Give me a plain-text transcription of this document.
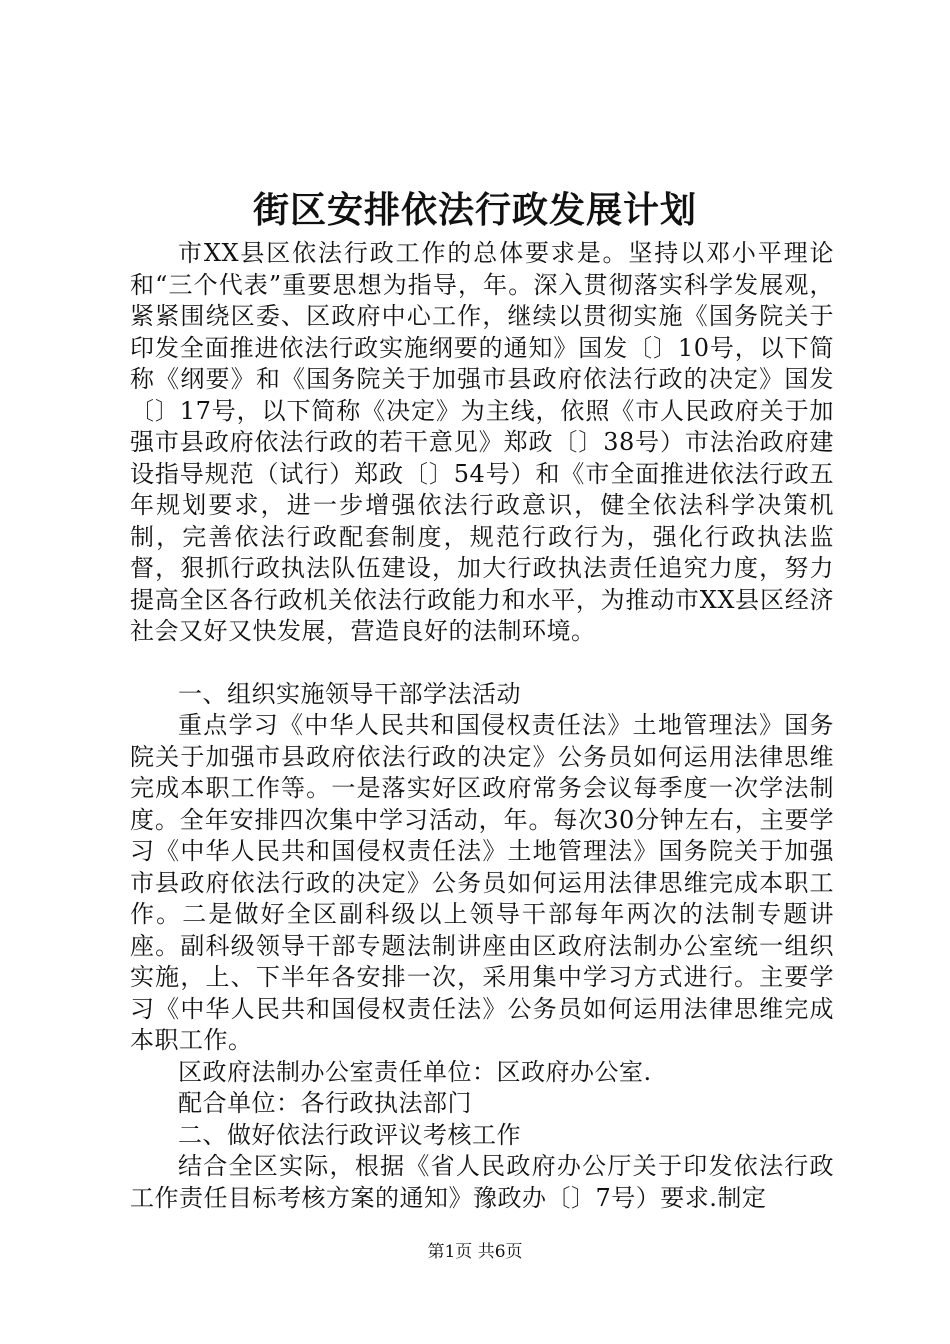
街区安排依法行政发展计划

市XX县区依法行政工作的总体要求是。坚持以邓小平理论和“三个代表”重要思想为指导，年。深入贯彻落实科学发展观，紧紧围绕区委、区政府中心工作，继续以贯彻实施《国务院关于印发全面推进依法行政实施纲要的通知》国发〔〕10号，以下简称《纲要》和《国务院关于加强市县政府依法行政的决定》国发〔〕17号，以下简称《决定》为主线，依照《市人民政府关于加强市县政府依法行政的若干意见》郑政〔〕38号）市法治政府建设指导规范（试行）郑政〔〕54号）和《市全面推进依法行政五年规划要求，进一步增强依法行政意识，健全依法科学决策机制，完善依法行政配套制度，规范行政行为，强化行政执法监督，狠抓行政执法队伍建设，加大行政执法责任追究力度，努力提高全区各行政机关依法行政能力和水平，为推动市XX县区经济社会又好又快发展，营造良好的法制环境。

一、组织实施领导干部学法活动

重点学习《中华人民共和国侵权责任法》土地管理法》国务院关于加强市县政府依法行政的决定》公务员如何运用法律思维完成本职工作等。一是落实好区政府常务会议每季度一次学法制度。全年安排四次集中学习活动，年。每次30分钟左右，主要学习《中华人民共和国侵权责任法》土地管理法》国务院关于加强市县政府依法行政的决定》公务员如何运用法律思维完成本职工作。二是做好全区副科级以上领导干部每年两次的法制专题讲座。副科级领导干部专题法制讲座由区政府法制办公室统一组织实施，上、下半年各安排一次，采用集中学习方式进行。主要学习《中华人民共和国侵权责任法》公务员如何运用法律思维完成本职工作。

区政府法制办公室责任单位：区政府办公室.

配合单位：各行政执法部门

二、做好依法行政评议考核工作

结合全区实际，根据《省人民政府办公厅关于印发依法行政工作责任目标考核方案的通知》豫政办〔〕7号）要求.制定

第1页 共6页
